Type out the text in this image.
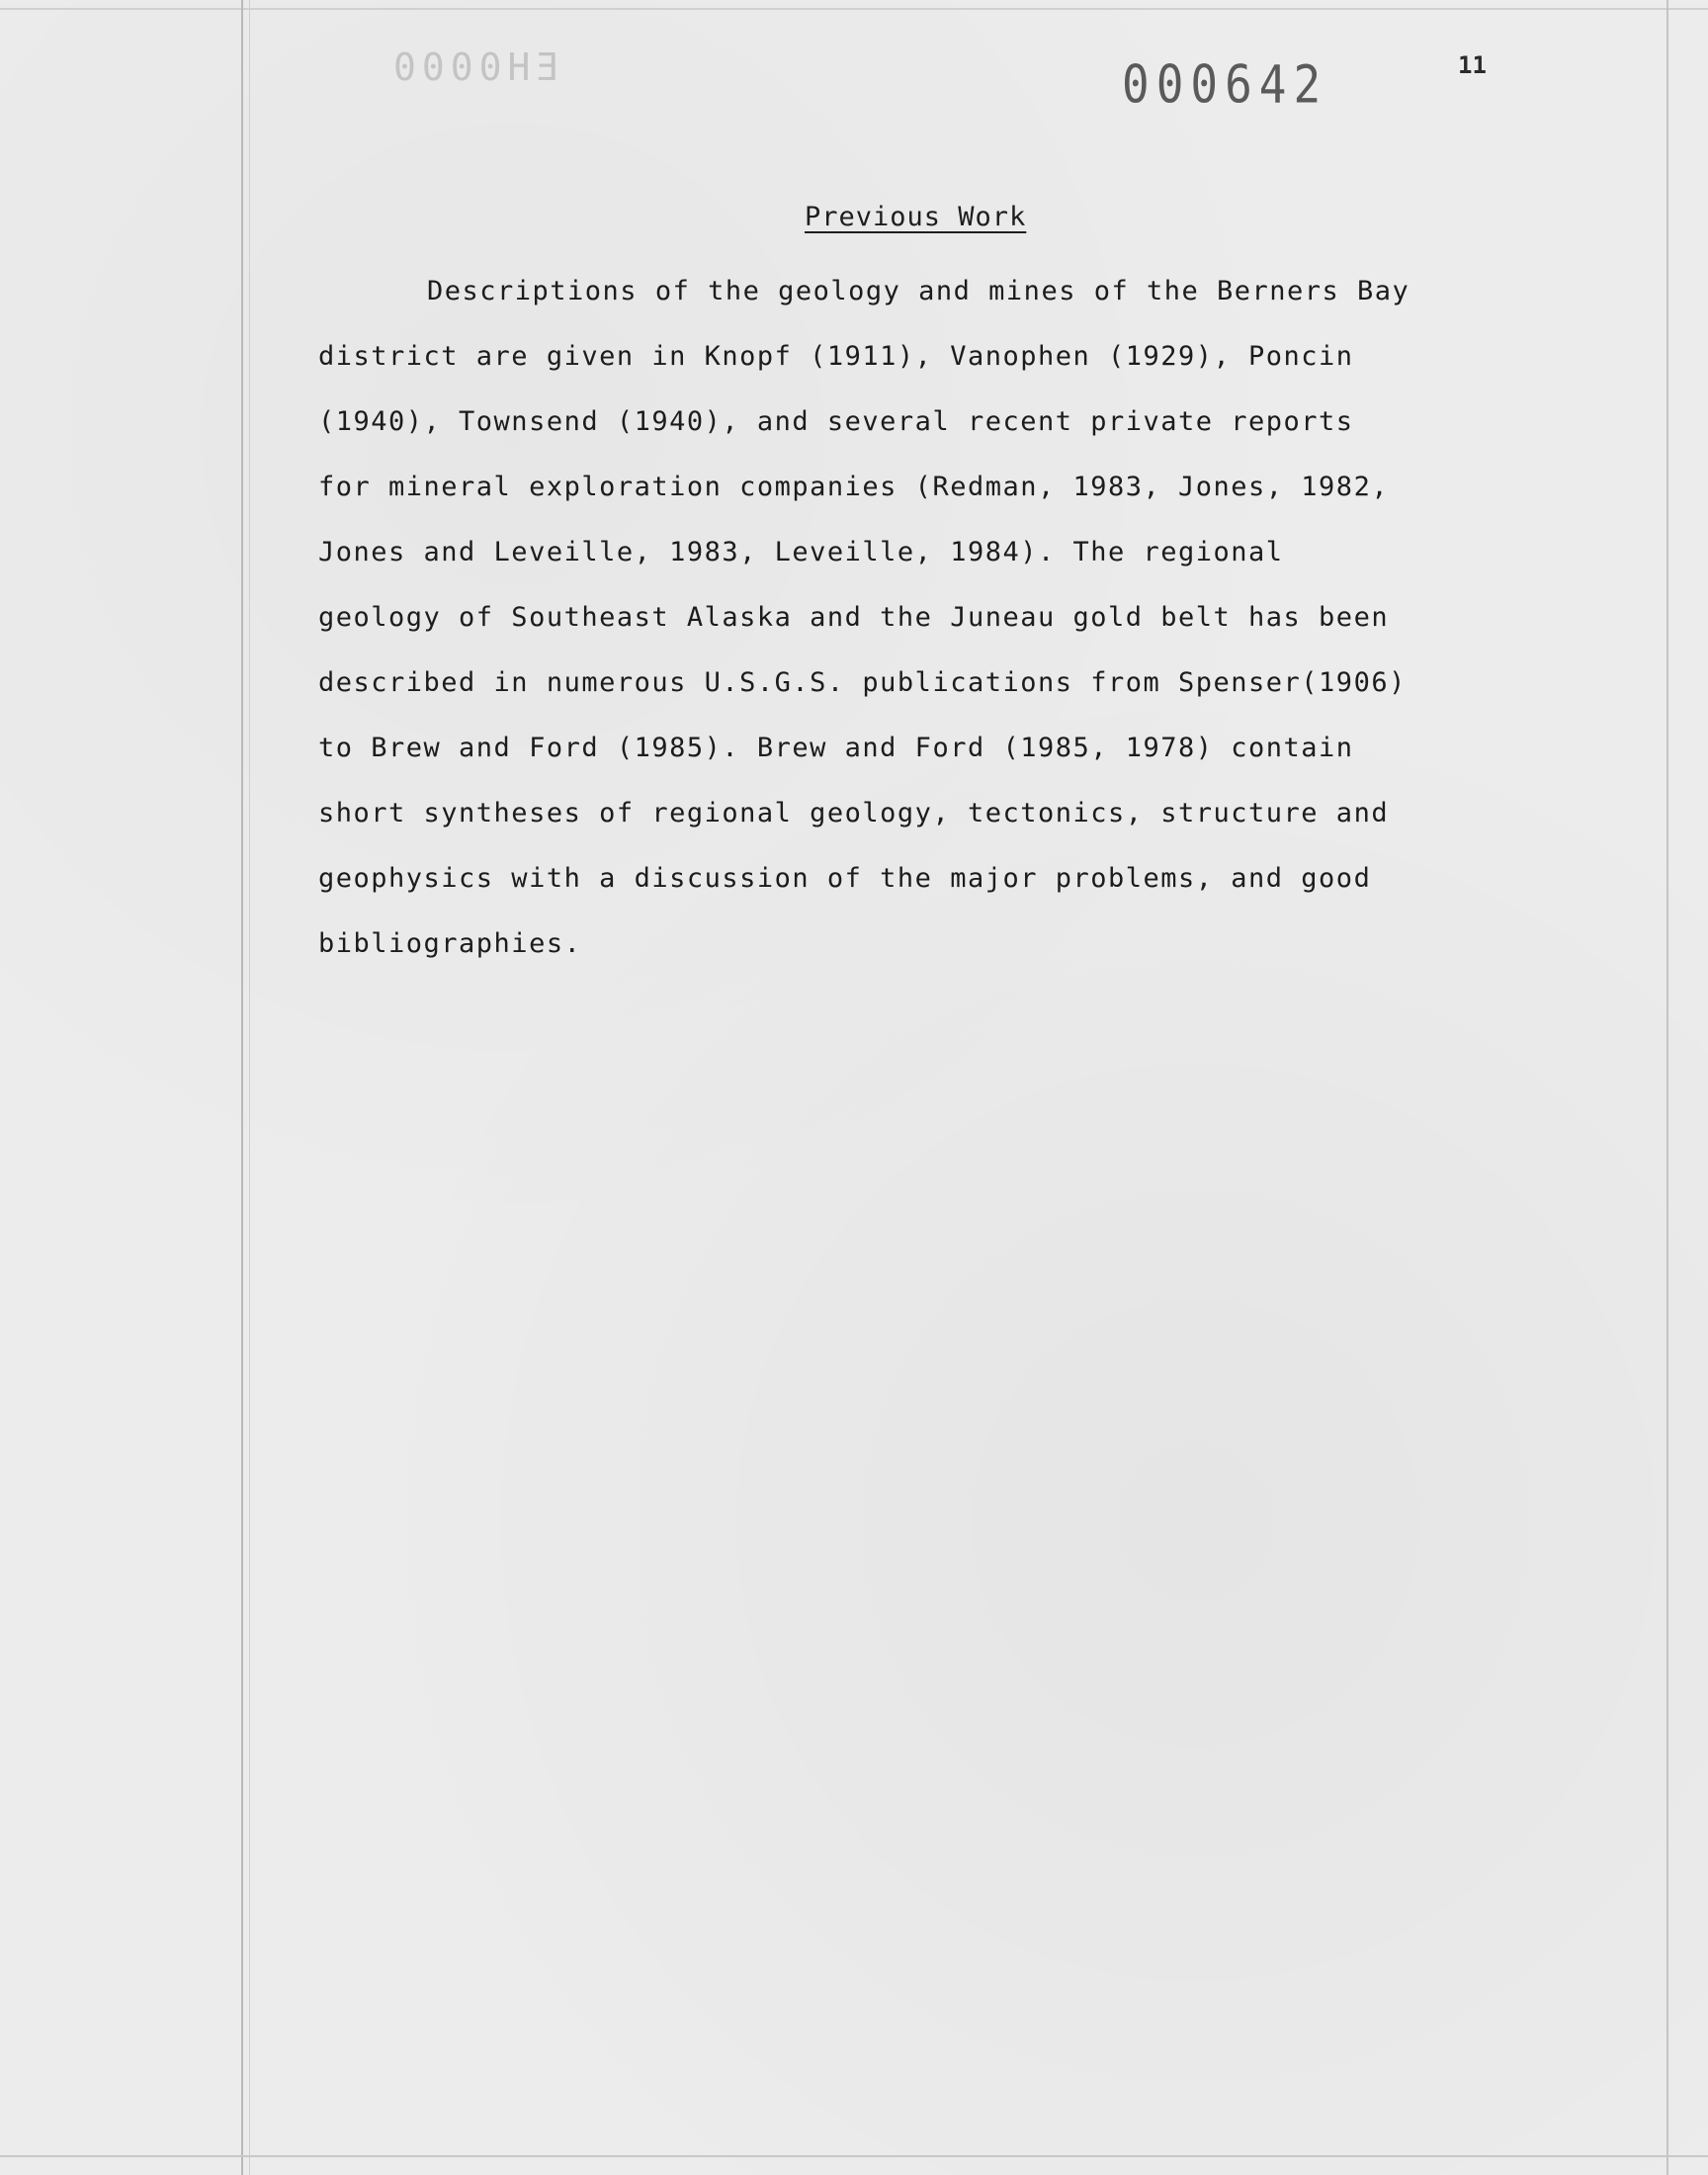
EH0000	000642	11
Previous Work
Descriptions of the geology and mines of the Berners Bay
district are given in Knopf (1911), Vanophen (1929), Poncin
(1940), Townsend (1940), and several recent private reports
for mineral exploration companies (Redman, 1983, Jones, 1982,
Jones and Leveille, 1983, Leveille, 1984). The regional
geology of Southeast Alaska and the Juneau gold belt has been
described in numerous U.S.G.S. publications from Spenser(1906)
to Brew and Ford (1985). Brew and Ford (1985, 1978) contain
short syntheses of regional geology, tectonics, structure and
geophysics with a discussion of the major problems, and good
bibliographies.
